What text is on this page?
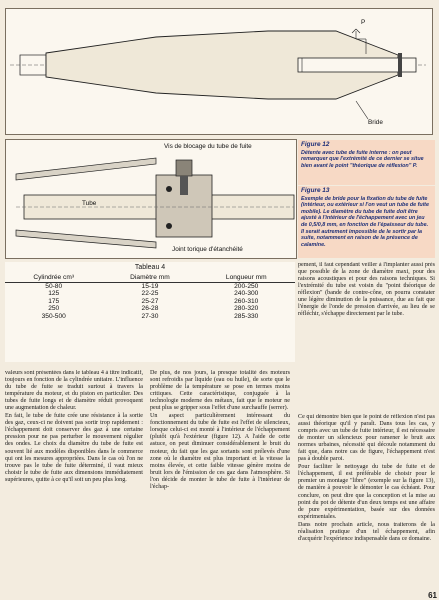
P
Bride
Vis de blocage du tube de fuite
Tube
Joint torique d'étanchéité
Figure 12
Détente avec tube de fuite interne : on peut remarquer que l'extrémité de ce dernier se situe bien avant le point "théorique de réflexion" P.
Figure 13
Exemple de bride pour la fixation du tube de fuite (intérieur, ou extérieur si l'on veut un tube de fuite mobile). Le diamètre du tube de fuite doit être ajusté à l'intérieur de l'échappement avec un jeu de 0,5/0,8 mm, en fonction de l'épaisseur du tube. Il serait autrement impossible de le sortir par la suite, notamment en raison de la présence de calamine.
Tableau 4
Cylindrée cm³	Diamètre mm	Longueur mm
50-80	15-19	200-250
125	22-25	240-300
175	25-27	260-310
250	26-28	280-320
350-500	27-30	285-330
pement, il faut cependant veiller à l'implanter aussi près que possible de la zone de diamètre maxi, pour des raisons acoustiques et pour des raisons techniques. Si l'extrémité du tube est voisin du "point théorique de réflexion" (bande de contre-cône, on pourra constater une légère diminution de la puissance, due au fait que l'énergie de l'onde de pression d'arrivée, au lieu de se réfléchir, s'échappe directement par le tube.

valeurs sont présentées dans le tableau 4 à titre indicatif, toujours en fonction de la cylindrée unitaire. L'influence du tube de fuite se traduit surtout à travers la température du moteur, et du piston en particulier. Des tubes de fuite longs et de diamètre réduit provoquent une augmentation de chaleur.

En fait, le tube de fuite crée une résistance à la sortie des gaz, ceux-ci ne doivent pas sortir trop rapidement : l'échappement doit conserver des gaz à une certaine pression pour ne pas perturber le mouvement régulier des ondes. Le choix du diamètre du tube de fuite est souvent lié aux modèles disponibles dans le commerce qui ont les mesures appropriées. Dans le cas où l'on ne trouve pas le tube de fuite déterminé, il vaut mieux choisir le tube de fuite aux dimensions immédiatement supérieures, quitte à ce qu'il soit un peu plus long.

De plus, de nos jours, la presque totalité des moteurs sont refroidis par liquide (eau ou huile), de sorte que le problème de la température se pose en termes moins critiques. Cette caractéristique, conjuguée à la technologie moderne des métaux, fait que le moteur ne peut plus se gripper sous l'effet d'une surchauffe (serrer).

Un aspect particulièrement intéressant du fonctionnement du tube de fuite est l'effet de silencieux, lorsque celui-ci est monté à l'intérieur de l'échappement (plutôt qu'à l'extérieur (figure 12). A l'aide de cette astuce, on peut diminuer considérablement le bruit du moteur, du fait que les gaz sortants sont prélevés d'une zone où le diamètre est plus important et la vitesse la moins élevée, et cette faible vitesse génère moins de bruit lors de l'émission de ces gaz dans l'atmosphère. Si l'on décide de monter le tube de fuite à l'intérieur de l'échap-

Ce qui démontre bien que le point de réflexion n'est pas aussi théorique qu'il y paraît. Dans tous les cas, y compris avec un tube de fuite intérieur, il est nécessaire de monter un silencieux pour ramener le bruit aux normes urbaines, nécessité qui découle notamment du fait que, dans notre cas de figure, l'échappement n'est pas à double paroi.

Pour faciliter le nettoyage du tube de fuite et de l'échappement, il est préférable de choisir pour le premier un montage "libre" (exemple sur la figure 13), de manière à pouvoir le démonter le cas échéant. Pour conclure, on peut dire que la conception et la mise au point du pot de détente d'un deux temps est une affaire de pure expérimentation, basée sur des données expérimentales.

Dans notre prochain article, nous traiterons de la réalisation pratique d'un tel échappement, afin d'acquérir l'expérience indispensable dans ce domaine.

61
